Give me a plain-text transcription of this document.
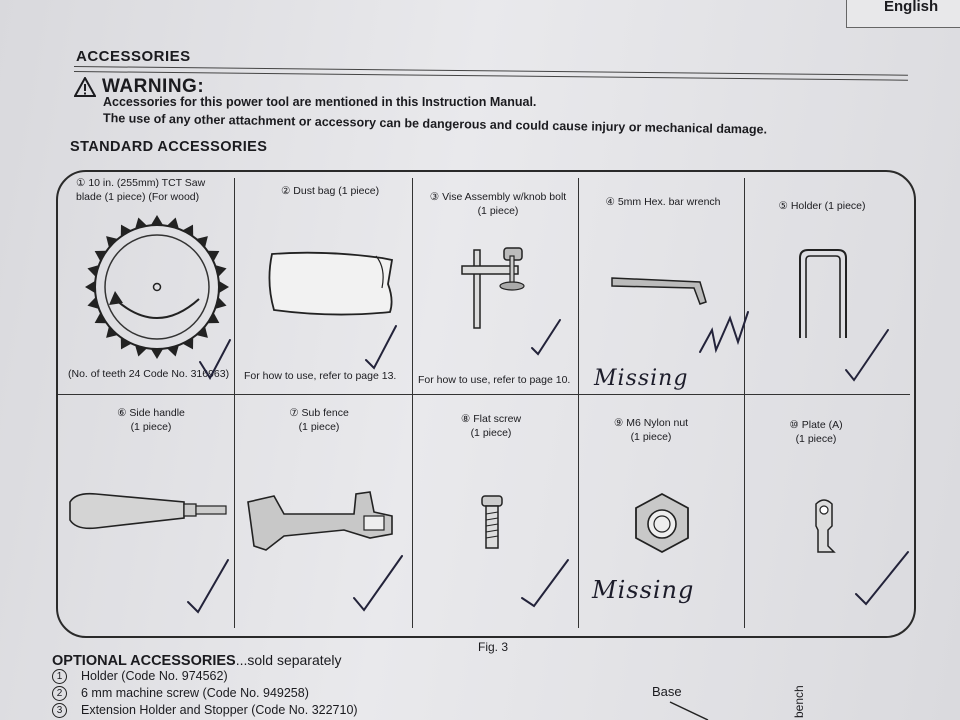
English
ACCESSORIES
WARNING:
Accessories for this power tool are mentioned in this Instruction Manual.
The use of any other attachment or accessory can be dangerous and could cause injury or mechanical damage.
STANDARD ACCESSORIES
① 10 in. (255mm) TCT Saw
blade (1 piece) (For wood)
(No. of teeth 24 Code No. 316963)
② Dust bag (1 piece)
For how to use, refer to page 13.
③ Vise Assembly w/knob bolt
(1 piece)
For how to use, refer to page 10.
④ 5mm Hex. bar wrench
Missing
⑤ Holder (1 piece)
⑥ Side handle
(1 piece)
⑦ Sub fence
(1 piece)
⑧ Flat screw
(1 piece)
⑨ M6 Nylon nut
(1 piece)
Missing
⑩ Plate (A)
(1 piece)
Fig. 3
OPTIONAL ACCESSORIES...sold separately
1	Holder (Code No. 974562)
2	6 mm machine screw (Code No. 949258)
3	Extension Holder and Stopper (Code No. 322710)
Base	bench
